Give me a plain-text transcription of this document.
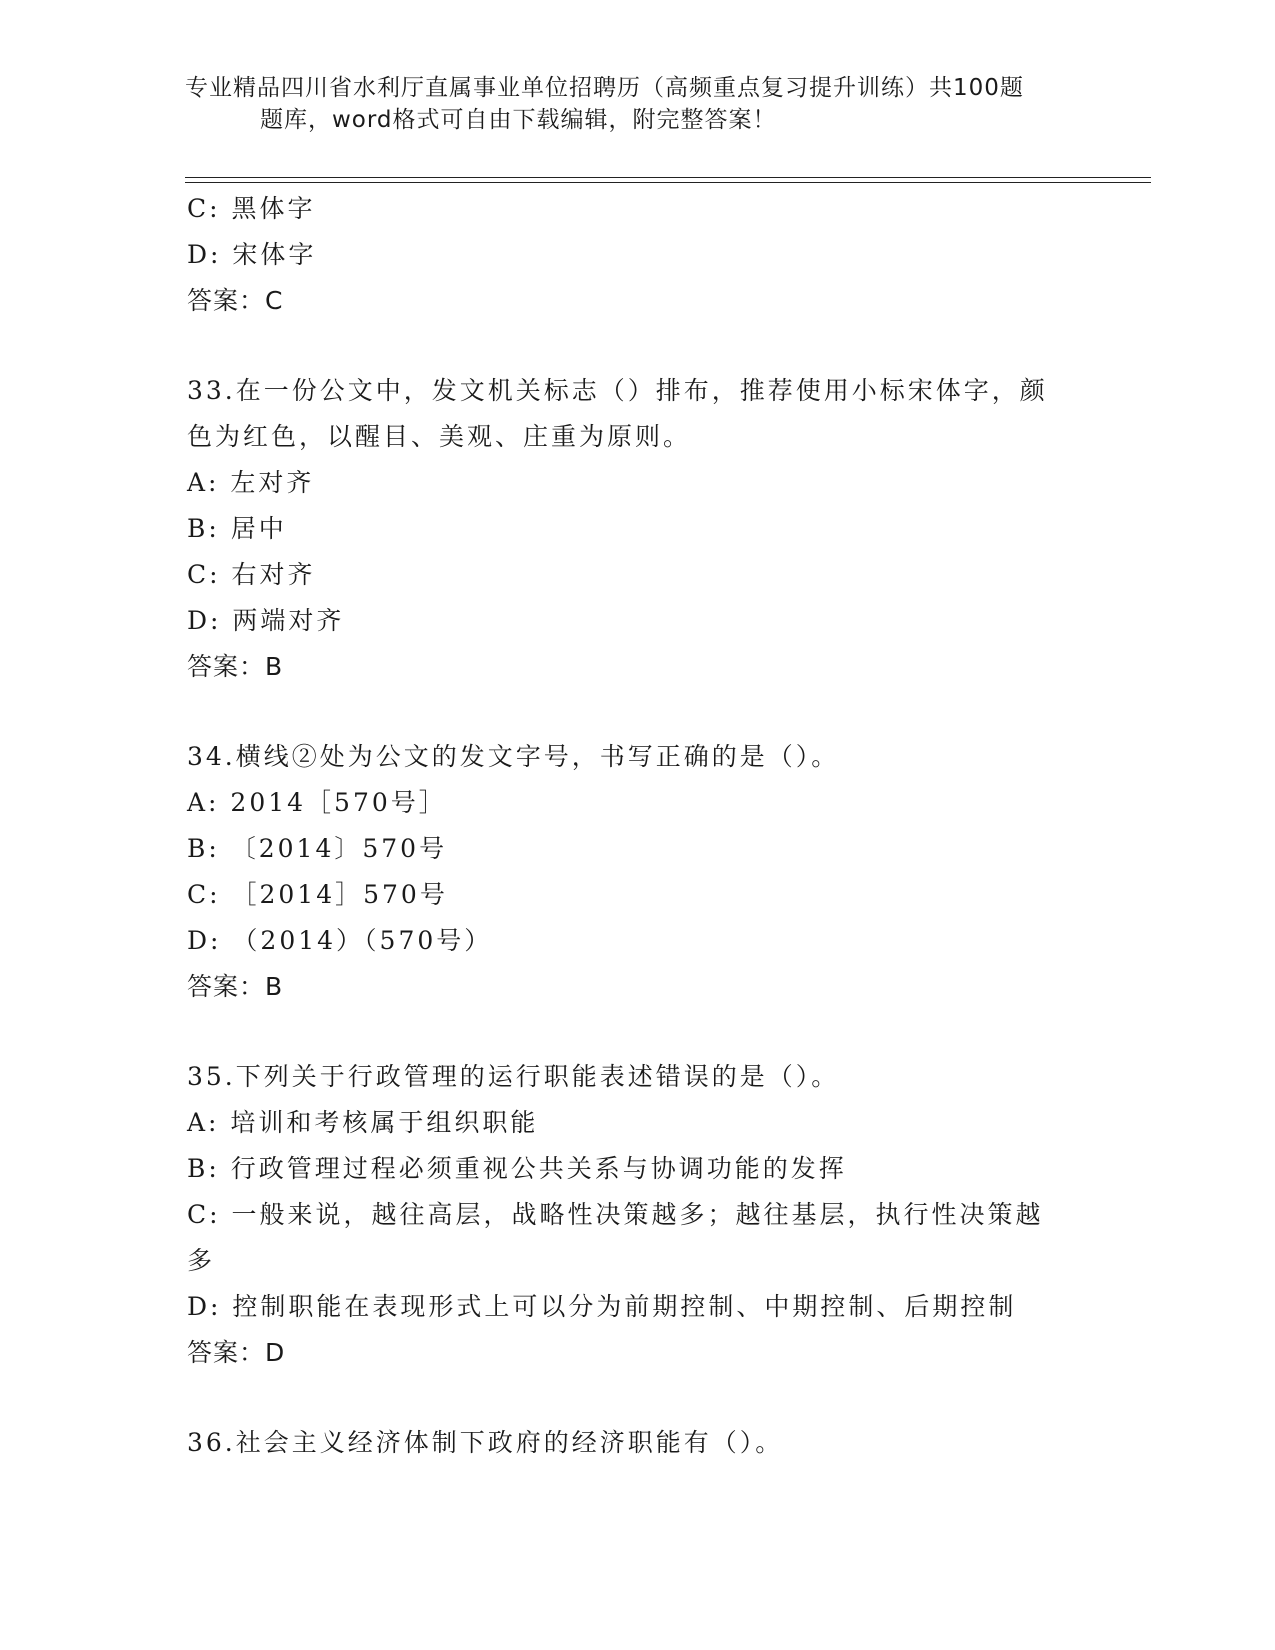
专业精品四川省水利厅直属事业单位招聘历（高频重点复习提升训练）共100题
题库，word格式可自由下载编辑，附完整答案！
C: 黑体字
D: 宋体字
答案：C
33.在一份公文中，发文机关标志（）排布，推荐使用小标宋体字，颜
色为红色，以醒目、美观、庄重为原则。
A: 左对齐
B: 居中
C: 右对齐
D: 两端对齐
答案：B
34.横线②处为公文的发文字号，书写正确的是（）。
A: 2014［570号］
B: 〔2014〕570号
C: ［2014］570号
D: （2014）（570号）
答案：B
35.下列关于行政管理的运行职能表述错误的是（）。
A: 培训和考核属于组织职能
B: 行政管理过程必须重视公共关系与协调功能的发挥
C: 一般来说，越往高层，战略性决策越多；越往基层，执行性决策越
多
D: 控制职能在表现形式上可以分为前期控制、中期控制、后期控制
答案：D
36.社会主义经济体制下政府的经济职能有（）。
